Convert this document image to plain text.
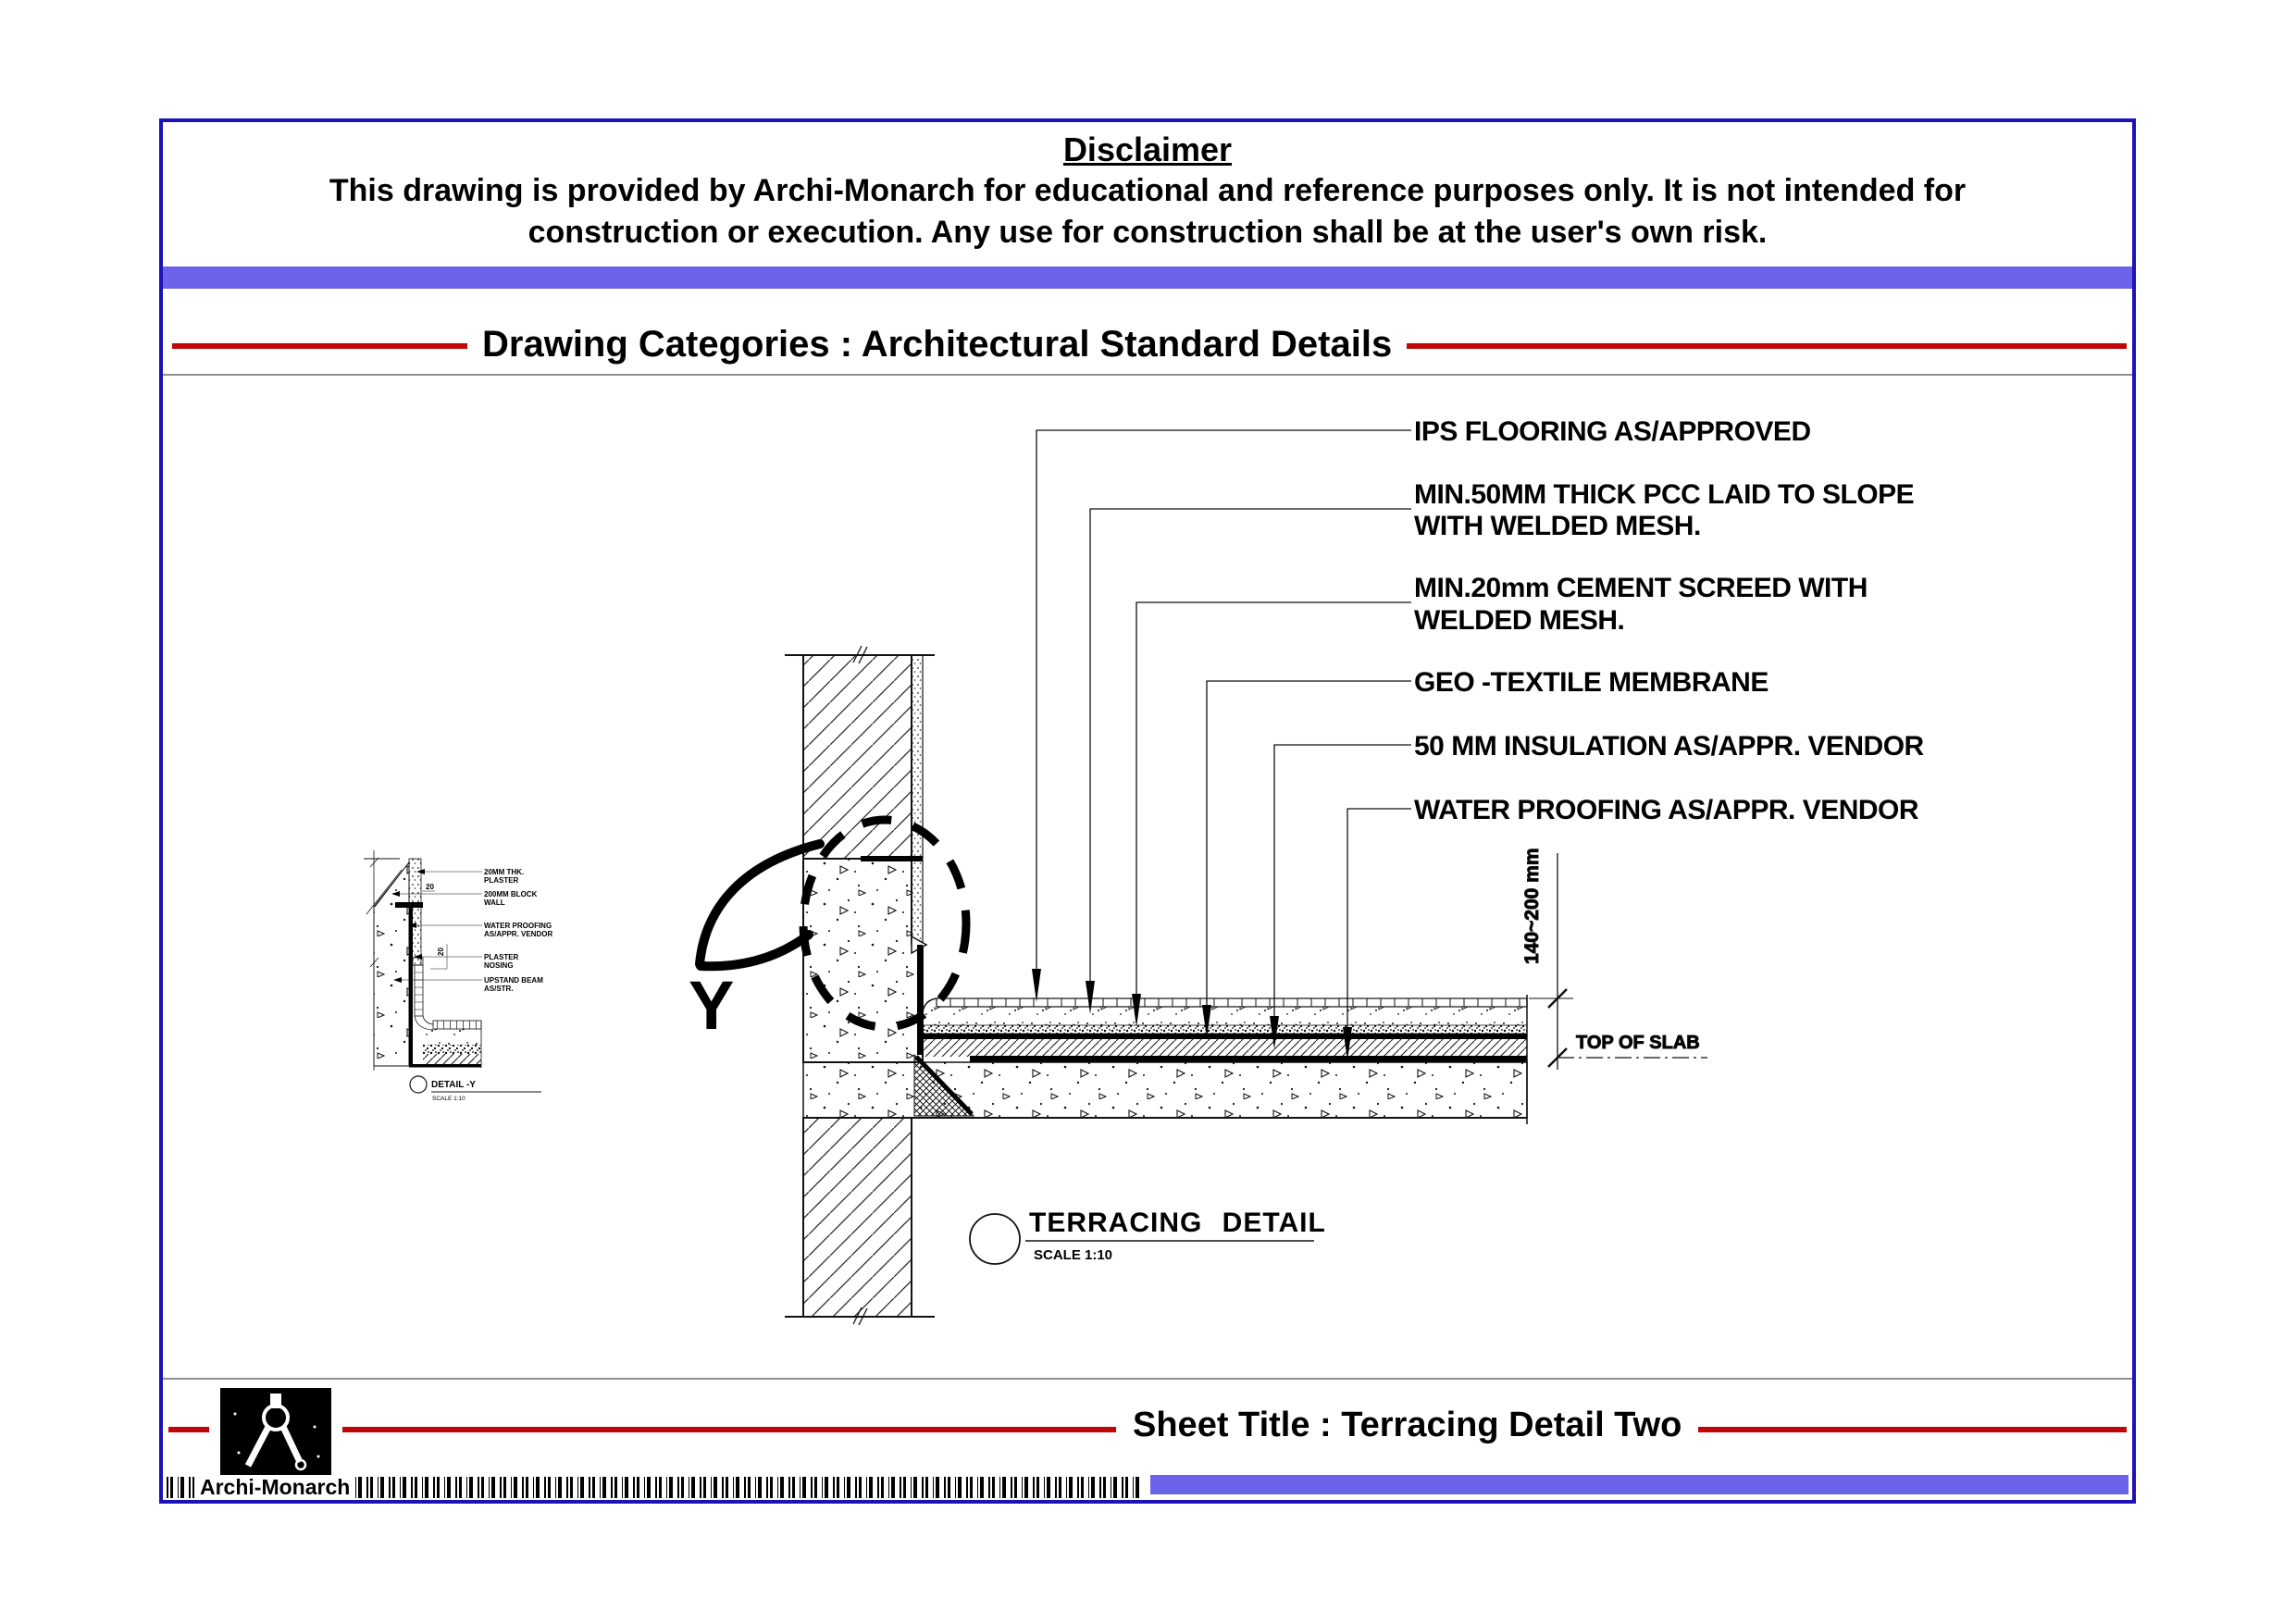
Disclaimer
This drawing is provided by Archi-Monarch for educational and reference purposes only. It is not intended for
construction or execution. Any use for construction shall be at the user's own risk.
Drawing Categories : Architectural Standard Details
Y
IPS FLOORING AS/APPROVED
MIN.50MM THICK PCC LAID TO SLOPE
WITH WELDED MESH.
MIN.20mm CEMENT SCREED WITH
WELDED MESH.
GEO -TEXTILE MEMBRANE
50 MM INSULATION AS/APPR. VENDOR
WATER PROOFING AS/APPR. VENDOR
140~200 mm
TOP OF SLAB
TERRACING DETAIL
SCALE 1:10
20MM THK.
PLASTER
200MM BLOCK
WALL
WATER PROOFING
AS/APPR. VENDOR
PLASTER
NOSING
UPSTAND BEAM
AS/STR.
20
20
DETAIL -Y
SCALE 1:10
Sheet Title : Terracing Detail Two
Archi-Monarch
